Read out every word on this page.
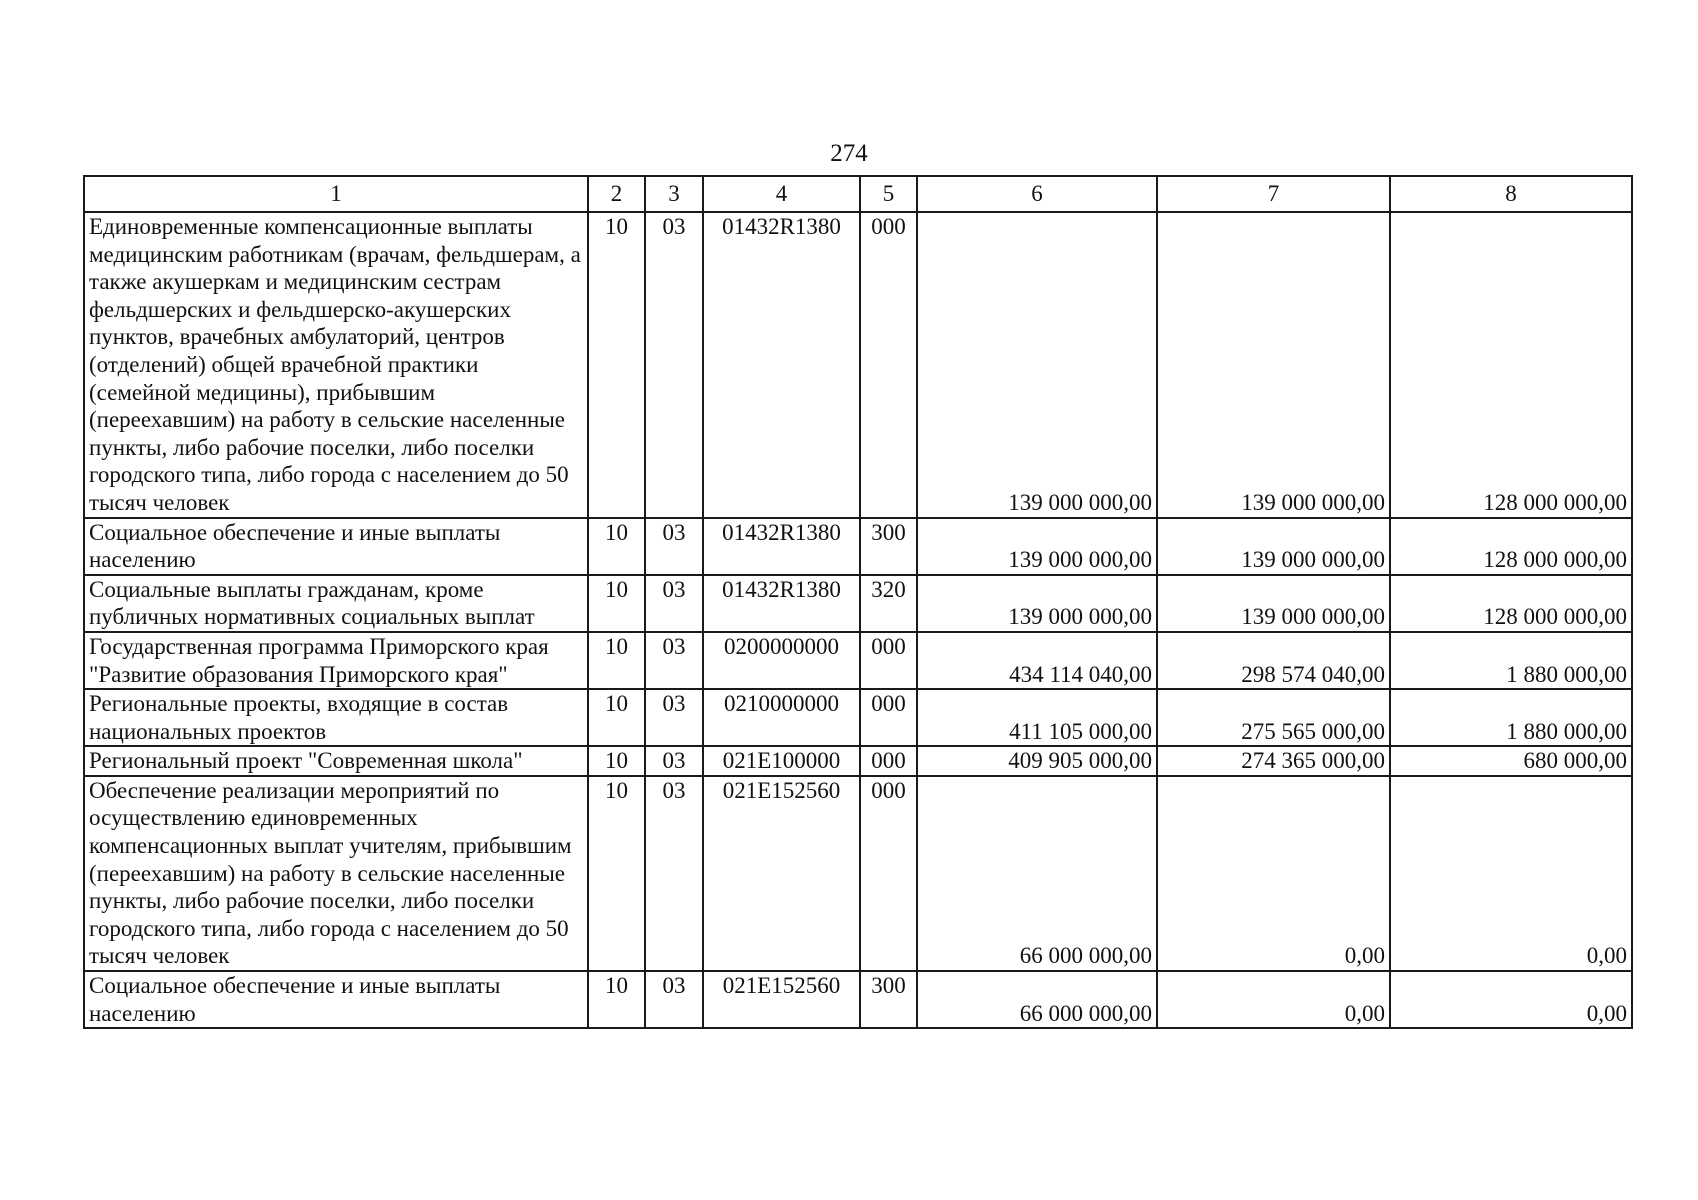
274
1	2	3	4	5	6	7	8
Единовременные компенсационные выплаты медицинским работникам (врачам, фельдшерам, а также акушеркам и медицинским сестрам фельдшерских и фельдшерско-акушерских пунктов, врачебных амбулаторий, центров (отделений) общей врачебной практики (семейной медицины), прибывшим (переехавшим) на работу в сельские населенные пункты, либо рабочие поселки, либо поселки городского типа, либо города с населением до 50 тысяч человек	10	03	01432R1380	000	139 000 000,00	139 000 000,00	128 000 000,00
Социальное обеспечение и иные выплаты населению	10	03	01432R1380	300	139 000 000,00	139 000 000,00	128 000 000,00
Социальные выплаты гражданам, кроме публичных нормативных социальных выплат	10	03	01432R1380	320	139 000 000,00	139 000 000,00	128 000 000,00
Государственная программа Приморского края "Развитие образования Приморского края"	10	03	0200000000	000	434 114 040,00	298 574 040,00	1 880 000,00
Региональные проекты, входящие в состав национальных проектов	10	03	0210000000	000	411 105 000,00	275 565 000,00	1 880 000,00
Региональный проект "Современная школа"	10	03	021E100000	000	409 905 000,00	274 365 000,00	680 000,00
Обеспечение реализации мероприятий по осуществлению единовременных компенсационных выплат учителям, прибывшим (переехавшим) на работу в сельские населенные пункты, либо рабочие поселки, либо поселки городского типа, либо города с населением до 50 тысяч человек	10	03	021E152560	000	66 000 000,00	0,00	0,00
Социальное обеспечение и иные выплаты населению	10	03	021E152560	300	66 000 000,00	0,00	0,00
